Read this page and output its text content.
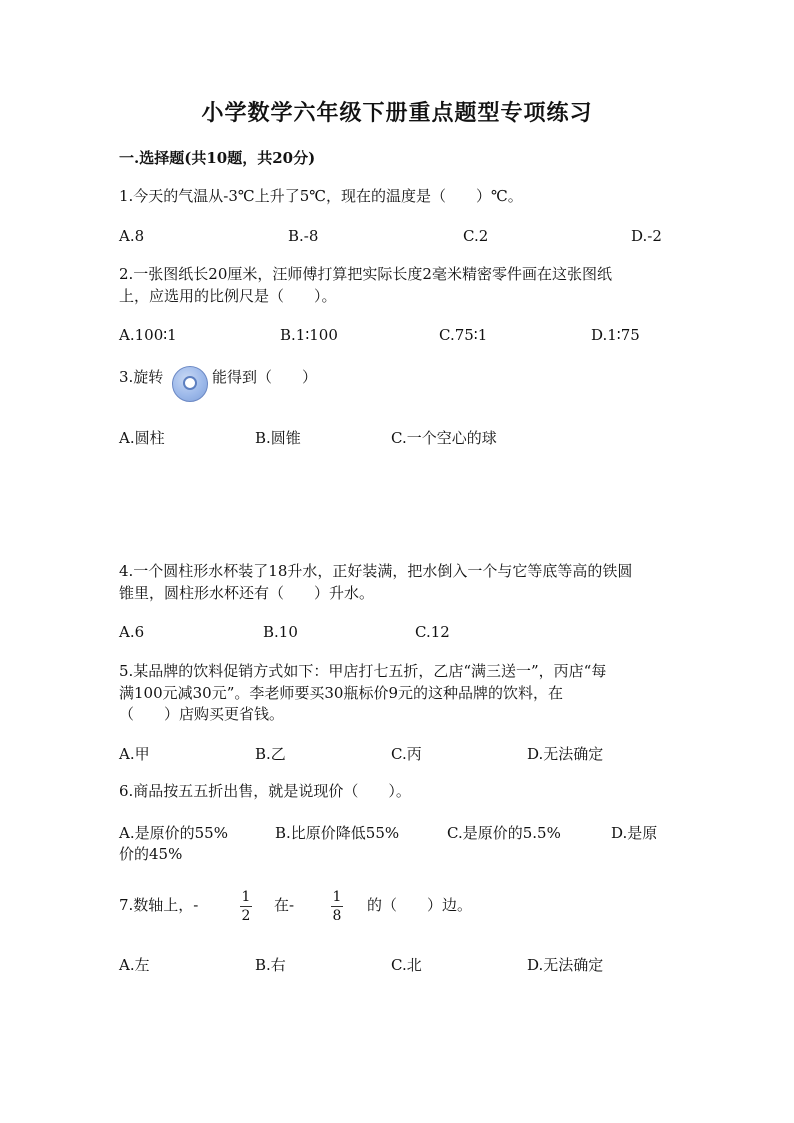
小学数学六年级下册重点题型专项练习
一.选择题(共10题，共20分)
1.今天的气温从-3℃上升了5℃，现在的温度是（　　）℃。
A.8	B.-8	C.2	D.-2
2.一张图纸长20厘米，汪师傅打算把实际长度2毫米精密零件画在这张图纸
上，应选用的比例尺是（　　）。
A.100∶1	B.1∶100	C.75∶1	D.1∶75
3.旋转	能得到（　　）
A.圆柱	B.圆锥	C.一个空心的球
4.一个圆柱形水杯装了18升水，正好装满，把水倒入一个与它等底等高的铁圆
锥里，圆柱形水杯还有（　　）升水。
A.6	B.10	C.12
5.某品牌的饮料促销方式如下：甲店打七五折，乙店“满三送一”，丙店“每
满100元减30元”。李老师要买30瓶标价9元的这种品牌的饮料，在
（　　）店购买更省钱。
A.甲	B.乙	C.丙	D.无法确定
6.商品按五五折出售，就是说现价（　　）。
A.是原价的55%	B.比原价降低55%	C.是原价的5.5%	D.是原
价的45%
7.数轴上，-	1
2
在-	1
8
的（　　）边。
A.左	B.右	C.北	D.无法确定
